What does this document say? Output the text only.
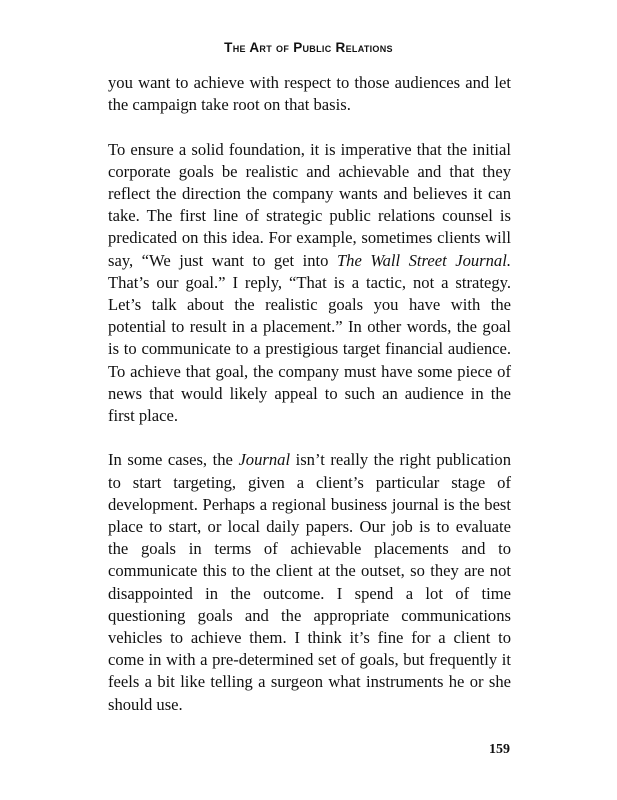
The Art of Public Relations

you want to achieve with respect to those audiences and let the campaign take root on that basis.

To ensure a solid foundation, it is imperative that the initial corporate goals be realistic and achievable and that they reflect the direction the company wants and believes it can take. The first line of strategic public relations counsel is predicated on this idea. For example, sometimes clients will say, “We just want to get into The Wall Street Journal. That’s our goal.” I reply, “That is a tactic, not a strategy. Let’s talk about the realistic goals you have with the potential to result in a placement.” In other words, the goal is to communicate to a prestigious target financial audience. To achieve that goal, the company must have some piece of news that would likely appeal to such an audience in the first place.

In some cases, the Journal isn’t really the right publication to start targeting, given a client’s particular stage of development. Perhaps a regional business journal is the best place to start, or local daily papers. Our job is to evaluate the goals in terms of achievable placements and to communicate this to the client at the outset, so they are not disappointed in the outcome. I spend a lot of time questioning goals and the appropriate communications vehicles to achieve them. I think it’s fine for a client to come in with a pre-determined set of goals, but frequently it feels a bit like telling a surgeon what instruments he or she should use.

159
